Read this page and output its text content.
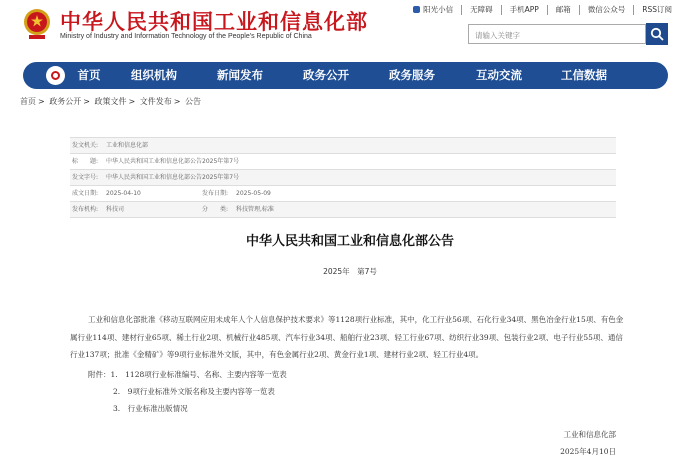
中华人民共和国工业和信息化部
Ministry of Industry and Information Technology of the People's Republic of China
阳光小信	无障碍	手机APP	邮箱	微信公众号	RSS订阅
请输入关键字
首页	组织机构	新闻发布	政务公开	政务服务	互动交流	工信数据
首页 > 政务公开 > 政策文件 > 文件发布 > 公告
发文机关:	工业和信息化部
标　　题:	中华人民共和国工业和信息化部公告2025年第7号
发文字号:	中华人民共和国工业和信息化部公告2025年第7号
成文日期:	2025-04-10	发布日期:	2025-05-09
发布机构:	科技司	分　　类:	科技管理,标准
中华人民共和国工业和信息化部公告
2025年　第7号
工业和信息化部批准《移动互联网应用未成年人个人信息保护技术要求》等1128项行业标准，其中，化工行业56项、石化行业34项、黑色冶金行业15项、有色金属行业114项、建材行业65项、稀土行业2项、机械行业485项、汽车行业34项、船舶行业23项、轻工行业67项、纺织行业39项、包装行业2项、电子行业55项、通信行业137项；批准《金精矿》等9项行业标准外文版，其中，有色金属行业2项、黄金行业1项、建材行业2项、轻工行业4项。
附件：1.　1128项行业标准编号、名称、主要内容等一览表
2.　9项行业标准外文版名称及主要内容等一览表
3.　行业标准出版情况
工业和信息化部
2025年4月10日
